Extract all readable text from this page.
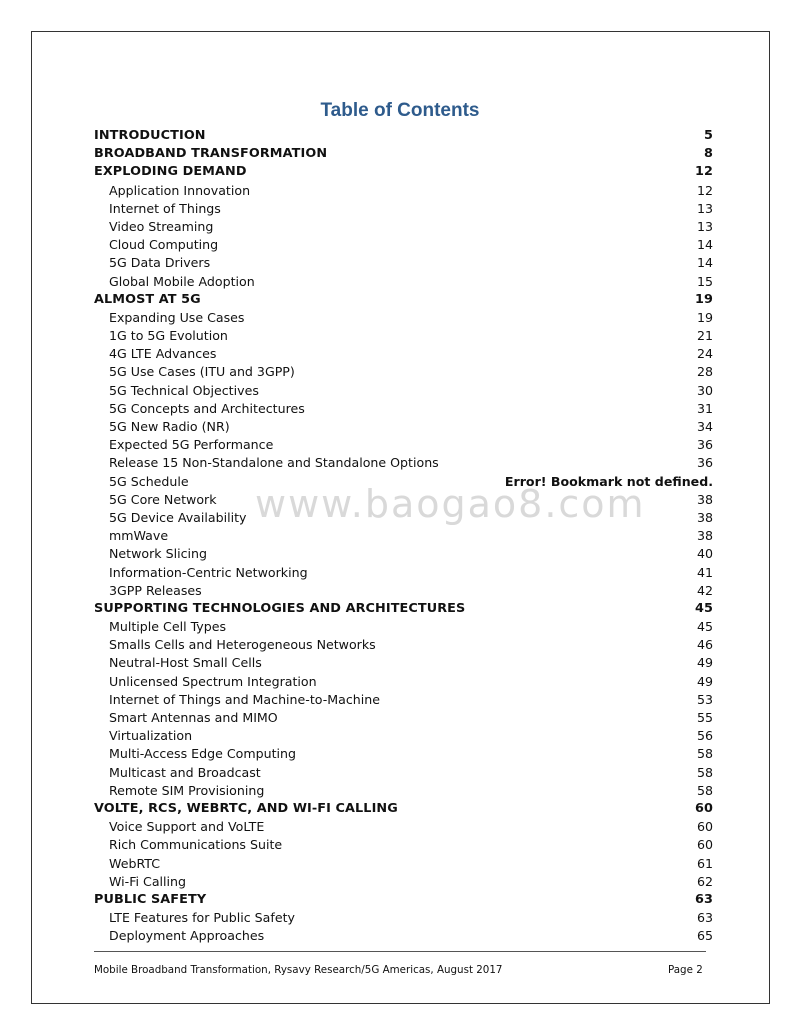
Table of Contents
INTRODUCTION	5
BROADBAND TRANSFORMATION	8
EXPLODING DEMAND	12
Application Innovation	12
Internet of Things	13
Video Streaming	13
Cloud Computing	14
5G Data Drivers	14
Global Mobile Adoption	15
ALMOST AT 5G	19
Expanding Use Cases	19
1G to 5G Evolution	21
4G LTE Advances	24
5G Use Cases (ITU and 3GPP)	28
5G Technical Objectives	30
5G Concepts and Architectures	31
5G New Radio (NR)	34
Expected 5G Performance	36
Release 15 Non-Standalone and Standalone Options	36
5G Schedule	Error! Bookmark not defined.
5G Core Network	38
5G Device Availability	38
mmWave	38
Network Slicing	40
Information-Centric Networking	41
3GPP Releases	42
SUPPORTING TECHNOLOGIES AND ARCHITECTURES	45
Multiple Cell Types	45
Smalls Cells and Heterogeneous Networks	46
Neutral-Host Small Cells	49
Unlicensed Spectrum Integration	49
Internet of Things and Machine-to-Machine	53
Smart Antennas and MIMO	55
Virtualization	56
Multi-Access Edge Computing	58
Multicast and Broadcast	58
Remote SIM Provisioning	58
VOLTE, RCS, WEBRTC, AND WI-FI CALLING	60
Voice Support and VoLTE	60
Rich Communications Suite	60
WebRTC	61
Wi-Fi Calling	62
PUBLIC SAFETY	63
LTE Features for Public Safety	63
Deployment Approaches	65
www.baogao8.com
Mobile Broadband Transformation, Rysavy Research/5G Americas, August 2017	Page 2
